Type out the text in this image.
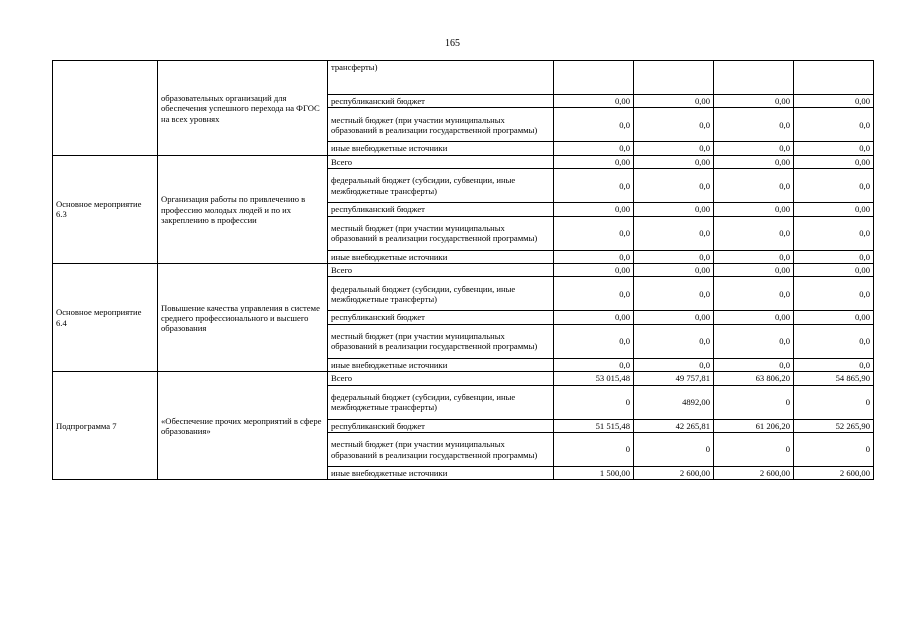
165

	образовательных организаций для обеспечения успешного перехода на ФГОС на всех уровнях	трансферты)				
		республиканский бюджет	0,00	0,00	0,00	0,00
		местный бюджет (при участии муниципальных образований в реализации государственной программы)	0,0	0,0	0,0	0,0
		иные внебюджетные источники	0,0	0,0	0,0	0,0

Основное мероприятие 6.3	Организация работы по привлечению в профессию молодых людей и по их закреплению в профессии	Всего	0,00	0,00	0,00	0,00
		федеральный бюджет (субсидии, субвенции, иные межбюджетные трансферты)	0,0	0,0	0,0	0,0
		республиканский бюджет	0,00	0,00	0,00	0,00
		местный бюджет (при участии муниципальных образований в реализации государственной программы)	0,0	0,0	0,0	0,0
		иные внебюджетные источники	0,0	0,0	0,0	0,0

Основное мероприятие 6.4	Повышение качества управления в системе среднего профессионального и высшего образования	Всего	0,00	0,00	0,00	0,00
		федеральный бюджет (субсидии, субвенции, иные межбюджетные трансферты)	0,0	0,0	0,0	0,0
		республиканский бюджет	0,00	0,00	0,00	0,00
		местный бюджет (при участии муниципальных образований в реализации государственной программы)	0,0	0,0	0,0	0,0
		иные внебюджетные источники	0,0	0,0	0,0	0,0

Подпрограмма 7	«Обеспечение прочих мероприятий в сфере образования»	Всего	53 015,48	49 757,81	63 806,20	54 865,90
		федеральный бюджет (субсидии, субвенции, иные межбюджетные трансферты)	0	4892,00	0	0
		республиканский бюджет	51 515,48	42 265,81	61 206,20	52 265,90
		местный бюджет (при участии муниципальных образований в реализации государственной программы)	0	0	0	0
		иные внебюджетные источники	1 500,00	2 600,00	2 600,00	2 600,00
